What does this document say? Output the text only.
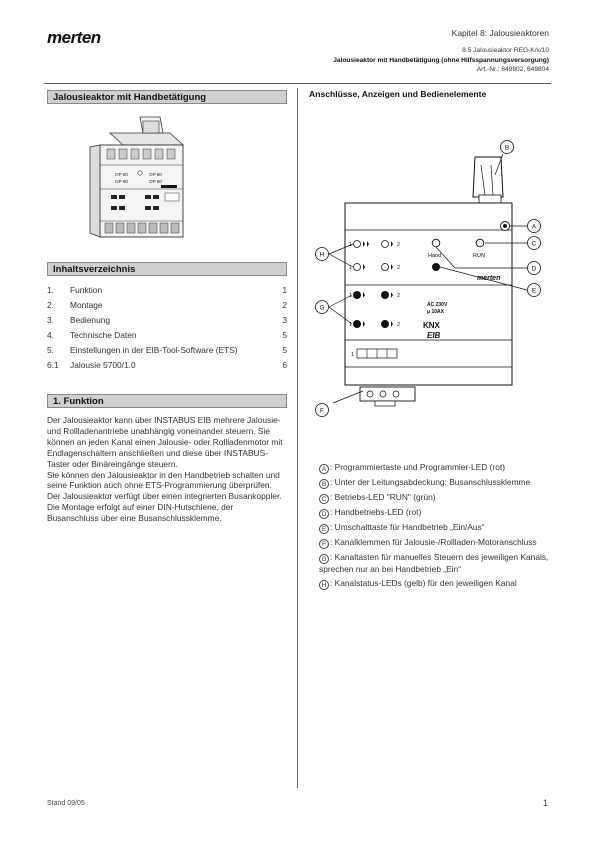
merten	Kapitel 8: Jalousieaktoren
8.5 Jalousieaktor REG-K/x/10
Jalousieaktor mit Handbetätigung (ohne Hilfsspannungsversorgung)
Art.-Nr.: 649802, 649804
Jalousieaktor mit Handbetätigung
OP 80
OP 80
OP 80
OP 80
Inhaltsverzeichnis
1.	Funktion	1
2.	Montage	2
3.	Bedienung	3
4.	Technische Daten	5
5.	Einstellungen in der EIB-Tool-Software (ETS)	5
6.1	Jalousie 5700/1.0	6
1. Funktion

Der Jalousieaktor kann über INSTABUS EIB mehrere Jalousie- und Rollladenantriebe unabhängig voneinander steuern. Sie können an jeden Kanal einen Jalousie- oder Rollladenmotor mit Endlagenschaltern anschließen und diese über INSTABUS-Taster oder Binäreingänge steuern.

Sie können den Jalousieaktor in den Handbetrieb schalten und seine Funktion auch ohne ETS-Programmierung überprüfen.

Der Jalousieaktor verfügt über einen integrierten Busankoppler. Die Montage erfolgt auf einer DIN-Hutschiene, der Busanschluss über eine Busanschlussklemme.

Anschlüsse, Anzeigen und Bedienelemente
1	2
1	2
Hand	RUN
merten
1	2
1	2
AC 230V
μ 10AX
KNX
EIB
1
B
A
C
D
E
F
G
H
A : Programmiertaste und Programmier-LED (rot)
B : Unter der Leitungsabdeckung: Busanschlussklemme
C : Betriebs-LED "RUN" (grün)
D : Handbetriebs-LED (rot)
E : Umschalttaste für Handbetrieb „Ein/Aus“
F : Kanalklemmen für Jalousie-/Rollladen-Motoranschluss
G : Kanaltasten für manuelles Steuern des jeweiligen Kanals, sprechen nur an bei Handbetrieb „Ein“
H : Kanalstatus-LEDs (gelb) für den jeweiligen Kanal
Stand 09/05	1
